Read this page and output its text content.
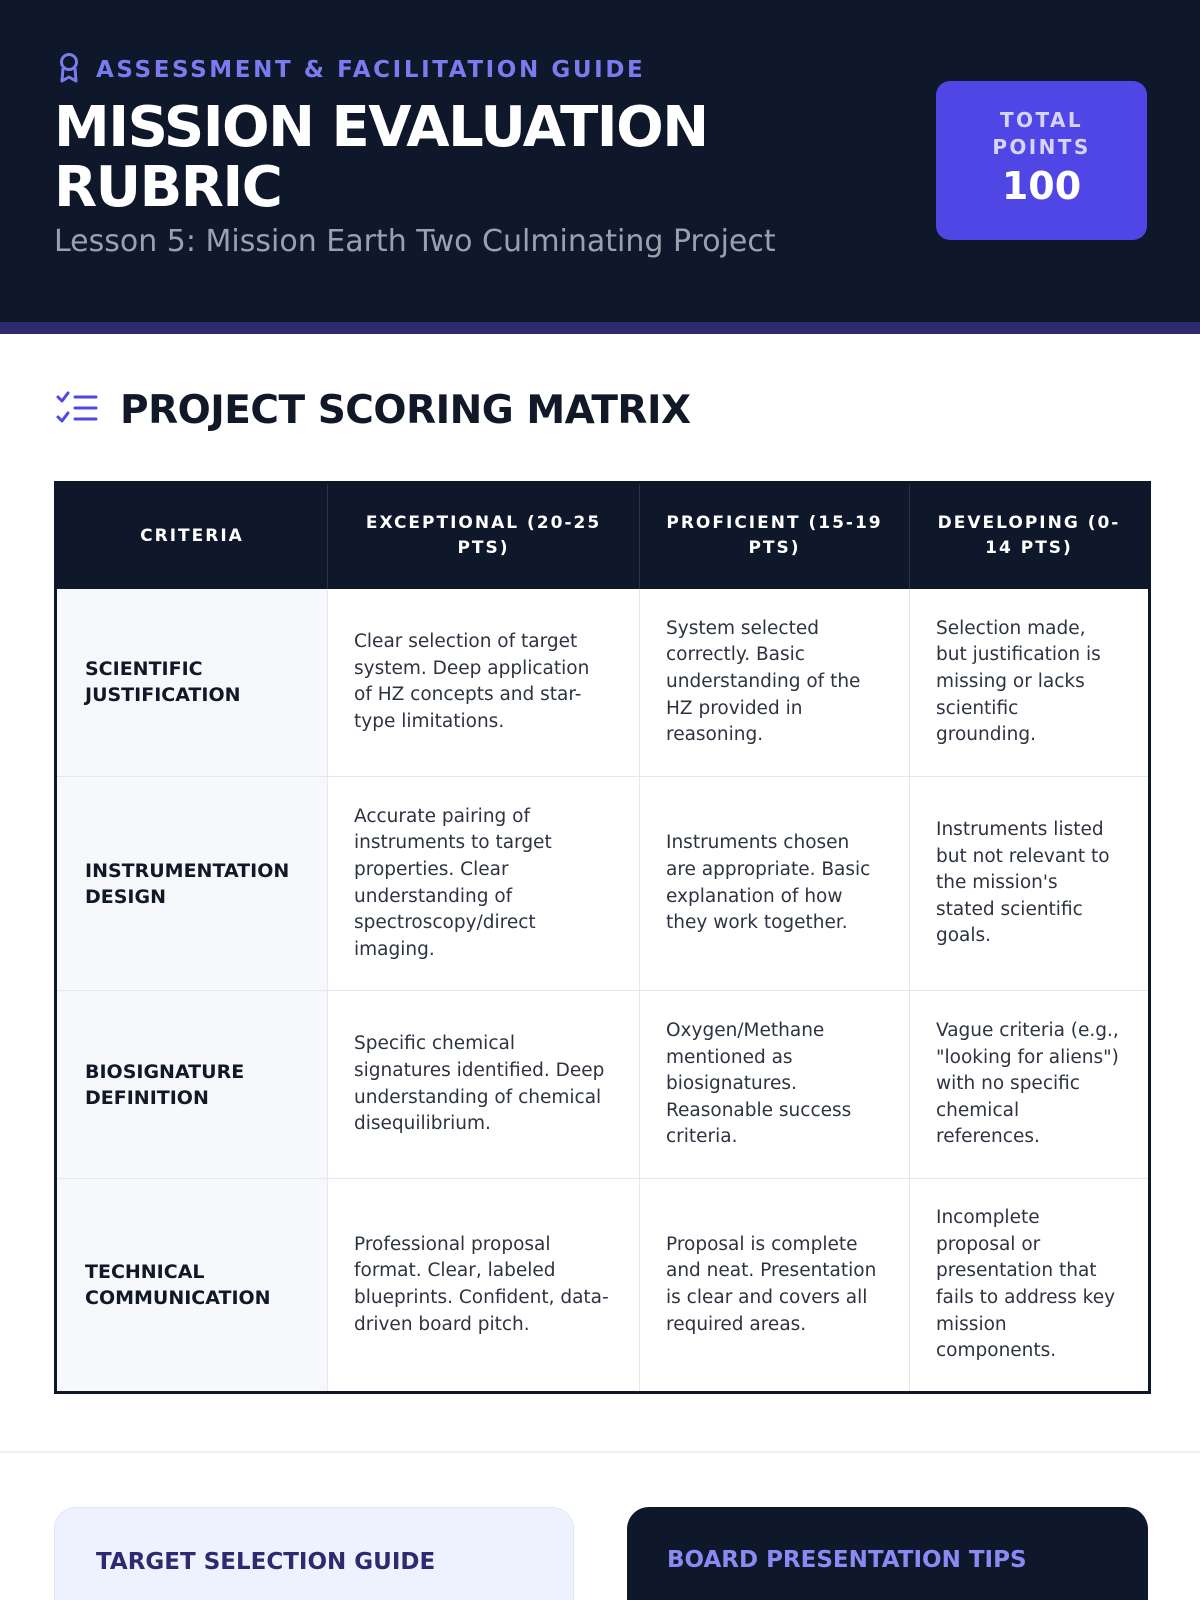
ASSESSMENT & FACILITATION GUIDE
MISSION EVALUATION RUBRIC
Lesson 5: Mission Earth Two Culminating Project
TOTAL POINTS
100
PROJECT SCORING MATRIX
CRITERIA	EXCEPTIONAL (20-25 PTS)	PROFICIENT (15-19 PTS)	DEVELOPING (0-14 PTS)
SCIENTIFIC JUSTIFICATION	Clear selection of target system. Deep application of HZ concepts and star-type limitations.	System selected correctly. Basic understanding of the HZ provided in reasoning.	Selection made, but justification is missing or lacks scientific grounding.
INSTRUMENTATION DESIGN	Accurate pairing of instruments to target properties. Clear understanding of spectroscopy/direct imaging.	Instruments chosen are appropriate. Basic explanation of how they work together.	Instruments listed but not relevant to the mission's stated scientific goals.
BIOSIGNATURE DEFINITION	Specific chemical signatures identified. Deep understanding of chemical disequilibrium.	Oxygen/Methane mentioned as biosignatures. Reasonable success criteria.	Vague criteria (e.g., "looking for aliens") with no specific chemical references.
TECHNICAL COMMUNICATION	Professional proposal format. Clear, labeled blueprints. Confident, data-driven board pitch.	Proposal is complete and neat. Presentation is clear and covers all required areas.	Incomplete proposal or presentation that fails to address key mission components.
TARGET SELECTION GUIDE	BOARD PRESENTATION TIPS
